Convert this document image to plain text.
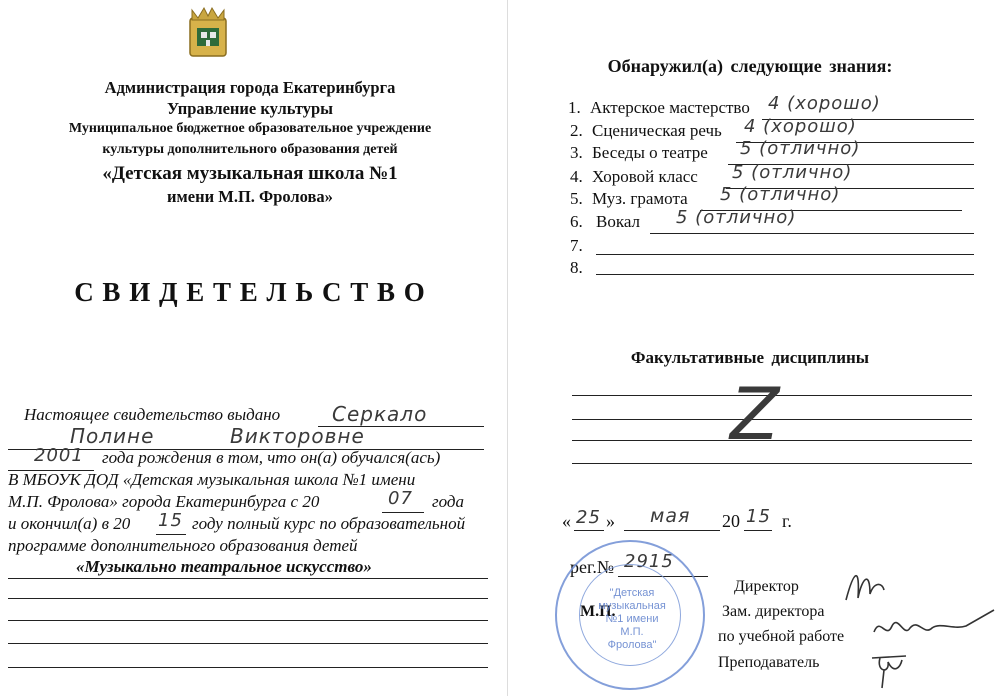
Администрация города Екатеринбурга
Управление культуры
Муниципальное бюджетное образовательное учреждение
культуры дополнительного образования детей
«Детская музыкальная школа №1
имени М.П. Фролова»
С В И Д Е Т Е Л Ь С Т В О
Настоящее свидетельство выдано	Серкало
Полине	Викторовне
2001 года рождения в том, что он(а) обучался(ась)
В МБОУК ДОД «Детская музыкальная школа №1 имени
М.П. Фролова» города Екатеринбурга с 20	07 года
и окончил(а) в 20 15 году полный курс по образовательной
программе дополнительного образования детей
«Музыкально театральное искусство»
Обнаружил(а) следующие знания:
1. Актерское мастерство 4 (хорошо)
2. Сценическая речь 4 (хорошо)
3. Беседы о театре 5 (отлично)
4. Хоровой класс 5 (отлично)
5. Муз. грамота 5 (отлично)
6. Вокал 5 (отлично)
7.
8.
Факультативные дисциплины
Z
« 25 » мая 20 15 г.
рег.№ 2915
М.П.
Директор
Зам. директора
по учебной работе
Преподаватель
"Детская музыкальная №1 имени М.П. Фролова"
